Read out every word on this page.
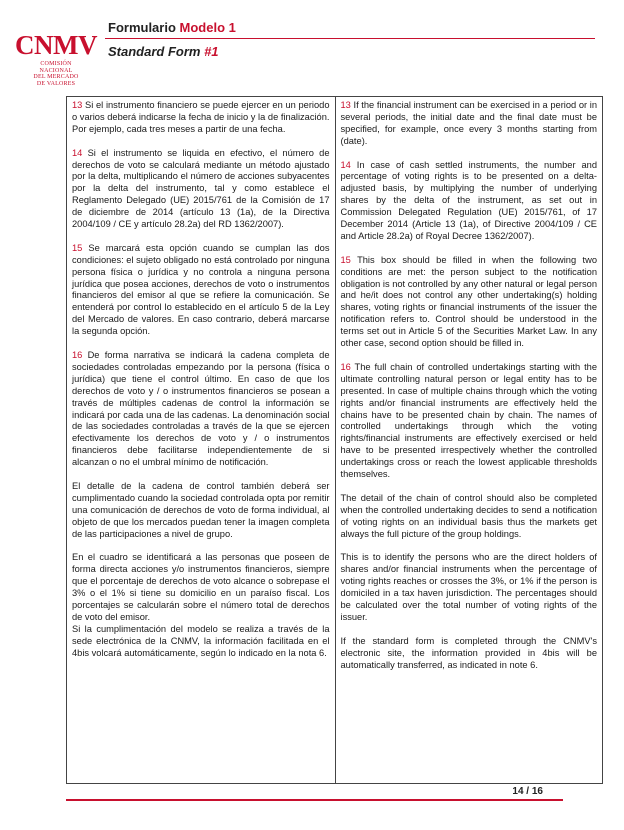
CNMV
COMISIÓN
NACIONAL
DEL MERCADO
DE VALORES
Formulario Modelo 1
Standard Form #1

13 Si el instrumento financiero se puede ejercer en un periodo o varios deberá indicarse la fecha de inicio y la de finalización. Por ejemplo, cada tres meses a partir de una fecha.

14 Si el instrumento se liquida en efectivo, el número de derechos de voto se calculará mediante un método ajustado por la delta, multiplicando el número de acciones subyacentes por la delta del instrumento, tal y como establece el Reglamento Delegado (UE) 2015/761 de la Comisión de 17 de diciembre de 2014 (artículo 13 (1a), de la Directiva 2004/109 / CE y artículo 28.2a) del RD 1362/2007).

15 Se marcará esta opción cuando se cumplan las dos condiciones: el sujeto obligado no está controlado por ninguna persona física o jurídica y no controla a ninguna persona jurídica que posea acciones, derechos de voto o instrumentos financieros del emisor al que se refiere la comunicación. Se entenderá por control lo establecido en el artículo 5 de la Ley del Mercado de valores. En caso contrario, deberá marcarse la segunda opción.

16 De forma narrativa se indicará la cadena completa de sociedades controladas empezando por la persona (física o jurídica) que tiene el control último. En caso de que los derechos de voto y / o instrumentos financieros se posean a través de múltiples cadenas de control la información se indicará por cada una de las cadenas. La denominación social de las sociedades controladas a través de la que se ejercen efectivamente los derechos de voto y / o instrumentos financieros debe facilitarse independientemente de si alcanzan o no el umbral mínimo de notificación.

El detalle de la cadena de control también deberá ser cumplimentado cuando la sociedad controlada opta por remitir una comunicación de derechos de voto de forma individual, al objeto de que los mercados puedan tener la imagen completa de las participaciones a nivel de grupo.

En el cuadro se identificará a las personas que poseen de forma directa acciones y/o instrumentos financieros, siempre que el porcentaje de derechos de voto alcance o sobrepase el 3% o el 1% si tiene su domicilio en un paraíso fiscal. Los porcentajes se calcularán sobre el número total de derechos de voto del emisor.

Si la cumplimentación del modelo se realiza a través de la sede electrónica de la CNMV, la información facilitada en el 4bis volcará automáticamente, según lo indicado en la nota 6.

13 If the financial instrument can be exercised in a period or in several periods, the initial date and the final date must be specified, for example, once every 3 months starting from (date).

14 In case of cash settled instruments, the number and percentage of voting rights is to be presented on a delta-adjusted basis, by multiplying the number of underlying shares by the delta of the instrument, as set out in Commission Delegated Regulation (UE) 2015/761, of 17 December 2014 (Article 13 (1a), of Directive 2004/109 / CE and Article 28.2a) of Royal Decree 1362/2007).

15 This box should be filled in when the following two conditions are met: the person subject to the notification obligation is not controlled by any other natural or legal person and he/it does not control any other undertaking(s) holding shares, voting rights or financial instruments of the issuer the notification refers to. Control should be understood in the terms set out in Article 5 of the Securities Market Law. In any other case, second option should be filled in.

16 The full chain of controlled undertakings starting with the ultimate controlling natural person or legal entity has to be presented. In case of multiple chains through which the voting rights and/or financial instruments are effectively held the chains have to be presented chain by chain. The names of controlled undertakings through which the voting rights/financial instruments are effectively exercised or held have to be presented irrespectively whether the controlled undertakings cross or reach the lowest applicable thresholds themselves.

The detail of the chain of control should also be completed when the controlled undertaking decides to send a notification of voting rights on an individual basis thus the markets get always the full picture of the group holdings.

This is to identify the persons who are the direct holders of shares and/or financial instruments when the percentage of voting rights reaches or crosses the 3%, or 1% if the person is domiciled in a tax haven jurisdiction. The percentages should be calculated over the total number of voting rights of the issuer.

If the standard form is completed through the CNMV's electronic site, the information provided in 4bis will be automatically transferred, as indicated in note 6.

14 / 16
